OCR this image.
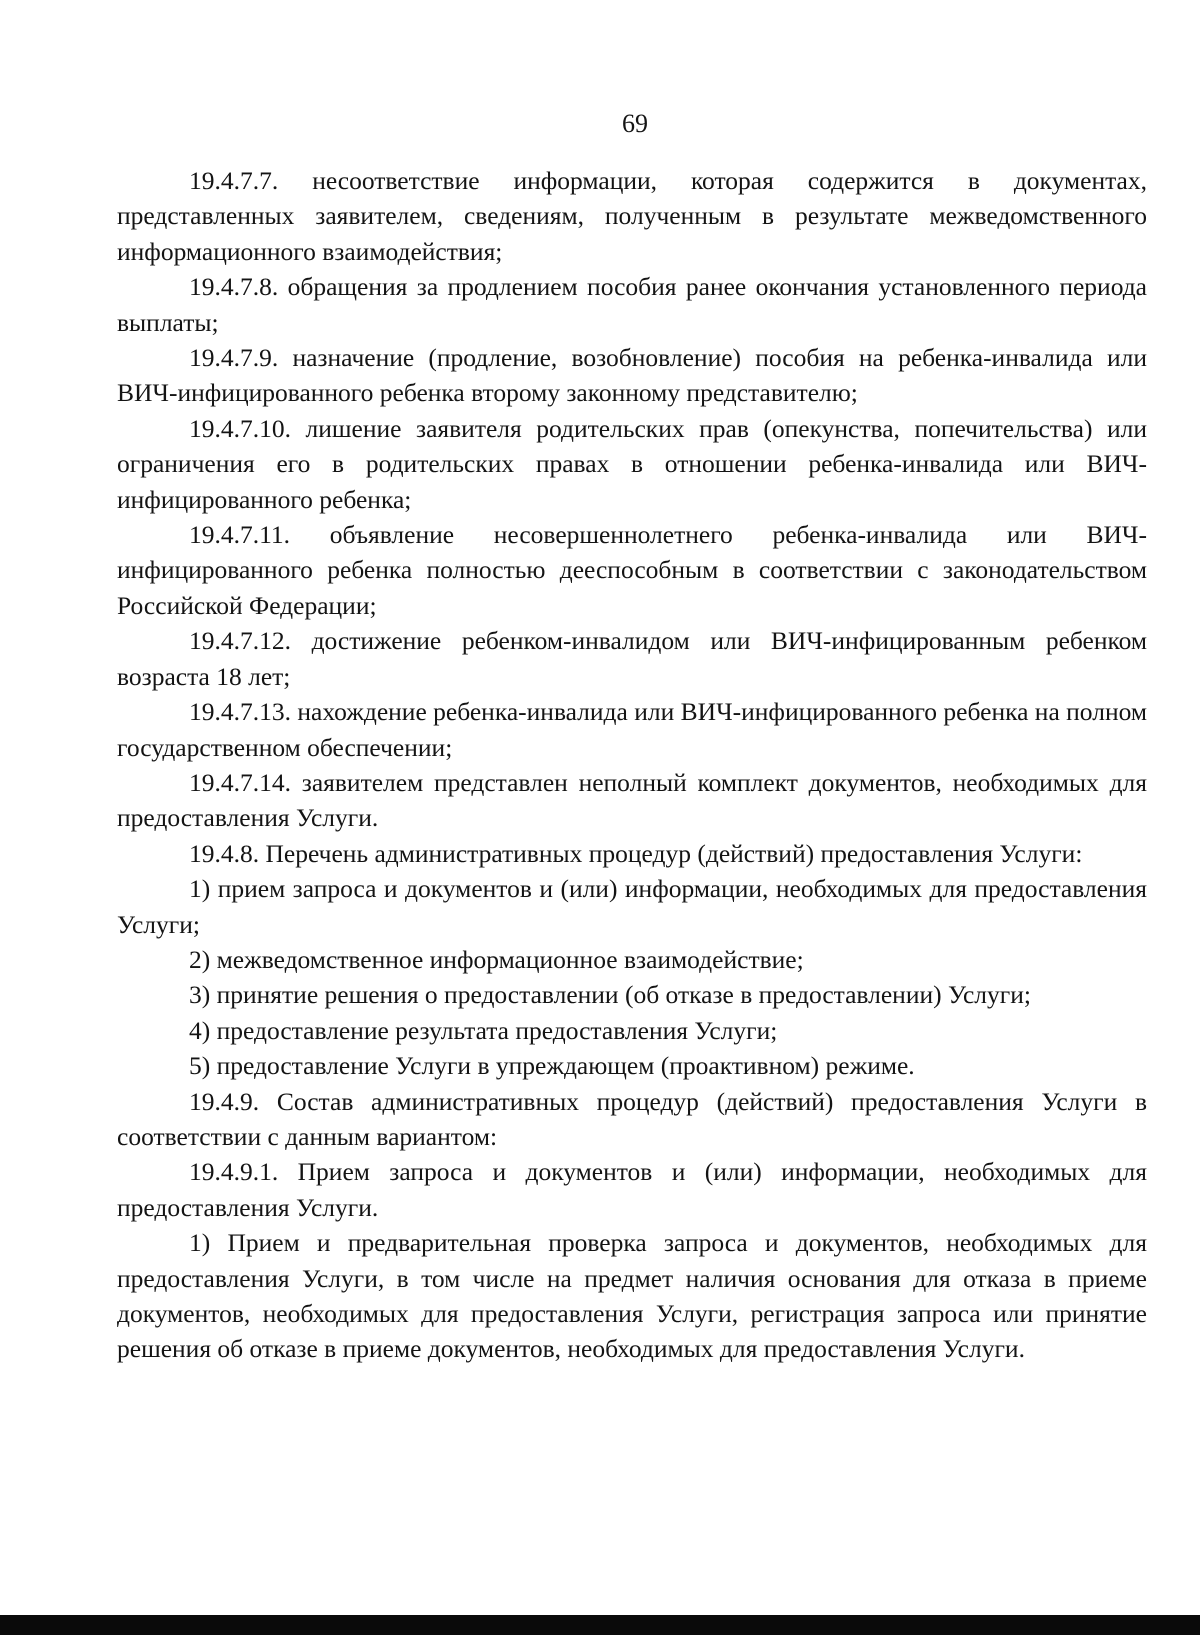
69

19.4.7.7. несоответствие информации, которая содержится в документах, представленных заявителем, сведениям, полученным в результате межведомственного информационного взаимодействия;

19.4.7.8. обращения за продлением пособия ранее окончания установленного периода выплаты;

19.4.7.9. назначение (продление, возобновление) пособия на ребенка-инвалида или ВИЧ-инфицированного ребенка второму законному представителю;

19.4.7.10. лишение заявителя родительских прав (опекунства, попечительства) или ограничения его в родительских правах в отношении ребенка-инвалида или ВИЧ-инфицированного ребенка;

19.4.7.11. объявление несовершеннолетнего ребенка-инвалида или ВИЧ-инфицированного ребенка полностью дееспособным в соответствии с законодательством Российской Федерации;

19.4.7.12. достижение ребенком-инвалидом или ВИЧ-инфицированным ребенком возраста 18 лет;

19.4.7.13. нахождение ребенка-инвалида или ВИЧ-инфицированного ребенка на полном государственном обеспечении;

19.4.7.14. заявителем представлен неполный комплект документов, необходимых для предоставления Услуги.

19.4.8. Перечень административных процедур (действий) предоставления Услуги:

1) прием запроса и документов и (или) информации, необходимых для предоставления Услуги;

2) межведомственное информационное взаимодействие;

3) принятие решения о предоставлении (об отказе в предоставлении) Услуги;

4) предоставление результата предоставления Услуги;

5) предоставление Услуги в упреждающем (проактивном) режиме.

19.4.9. Состав административных процедур (действий) предоставления Услуги в соответствии с данным вариантом:

19.4.9.1. Прием запроса и документов и (или) информации, необходимых для предоставления Услуги.

1) Прием и предварительная проверка запроса и документов, необходимых для предоставления Услуги, в том числе на предмет наличия основания для отказа в приеме документов, необходимых для предоставления Услуги, регистрация запроса или принятие решения об отказе в приеме документов, необходимых для предоставления Услуги.
